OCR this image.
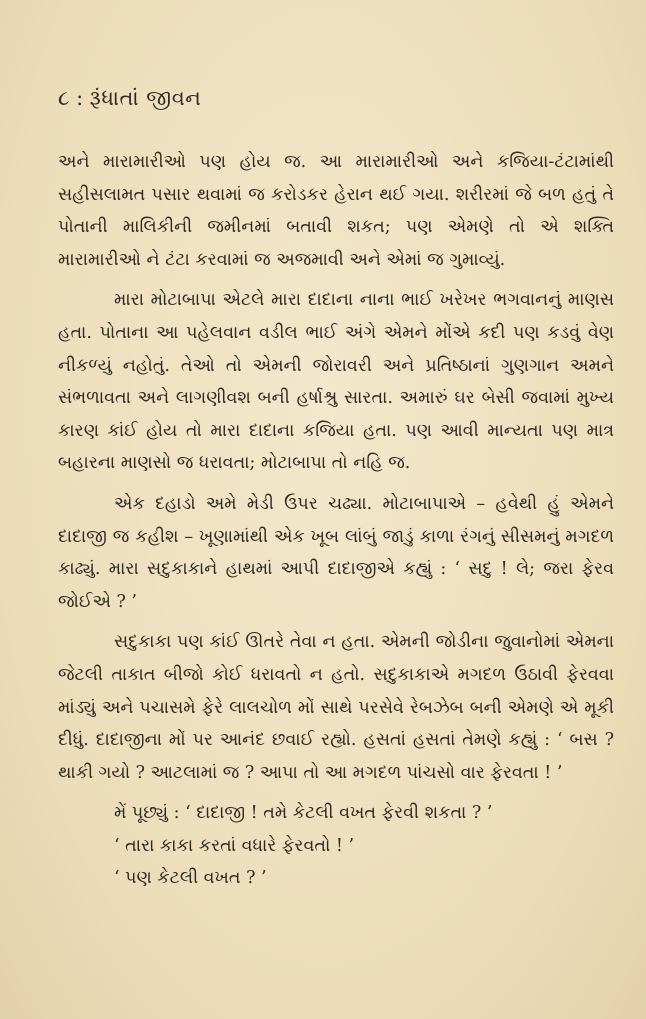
૮ : રૂંધાતાં જીવન

અને મારામારીઓ પણ હોય જ. આ મારામારીઓ અને કજિયા-ટંટામાંથી સહીસલામત પસાર થવામાં જ કરોડકર હેરાન થઈ ગયા. શરીરમાં જે બળ હતું તે પોતાની માલિકીની જમીનમાં બતાવી શકત; પણ એમણે તો એ શક્તિ મારામારીઓ ને ટંટા કરવામાં જ અજમાવી અને એમાં જ ગુમાવ્યું.

મારા મોટાબાપા એટલે મારા દાદાના નાના ભાઈ ખરેખર ભગવાનનું માણસ હતા. પોતાના આ પહેલવાન વડીલ ભાઈ અંગે એમને મોંએ કદી પણ કડવું વેણ નીકળ્યું નહોતું. તેઓ તો એમની જોરાવરી અને પ્રતિષ્ઠાનાં ગુણગાન અમને સંભળાવતા અને લાગણીવશ બની હર્ષાશ્રુ સારતા. અમારું ઘર બેસી જવામાં મુખ્ય કારણ કાંઈ હોય તો મારા દાદાના કજિયા હતા. પણ આવી માન્યતા પણ માત્ર બહારના માણસો જ ધરાવતા; મોટાબાપા તો નહિ જ.

એક દહાડો અમે મેડી ઉપર ચઢ્યા. મોટાબાપાએ – હવેથી હું એમને દાદાજી જ કહીશ – ખૂણામાંથી એક ખૂબ લાંબું જાડું કાળા રંગનું સીસમનું મગદળ કાઢ્યું. મારા સદુકાકાને હાથમાં આપી દાદાજીએ કહ્યું : ‘ સદુ ! લે; જરા ફેરવ જોઈએ ? ’

સદુકાકા પણ કાંઈ ઊતરે તેવા ન હતા. એમની જોડીના જુવાનોમાં એમના જેટલી તાકાત બીજો કોઈ ધરાવતો ન હતો. સદુકાકાએ મગદળ ઉઠાવી ફેરવવા માંડ્યું અને પચાસમે ફેરે લાલચોળ મોં સાથે પરસેવે રેબઝેબ બની એમણે એ મૂકી દીધું. દાદાજીના મોં પર આનંદ છવાઈ રહ્યો. હસતાં હસતાં તેમણે કહ્યું : ‘ બસ ? થાકી ગયો ? આટલામાં જ ? આપા તો આ મગદળ પાંચસો વાર ફેરવતા ! ’

મેં પૂછ્યું : ‘ દાદાજી ! તમે કેટલી વખત ફેરવી શકતા ? ’

‘ તારા કાકા કરતાં વધારે ફેરવતો ! ’

‘ પણ કેટલી વખત ? ’
